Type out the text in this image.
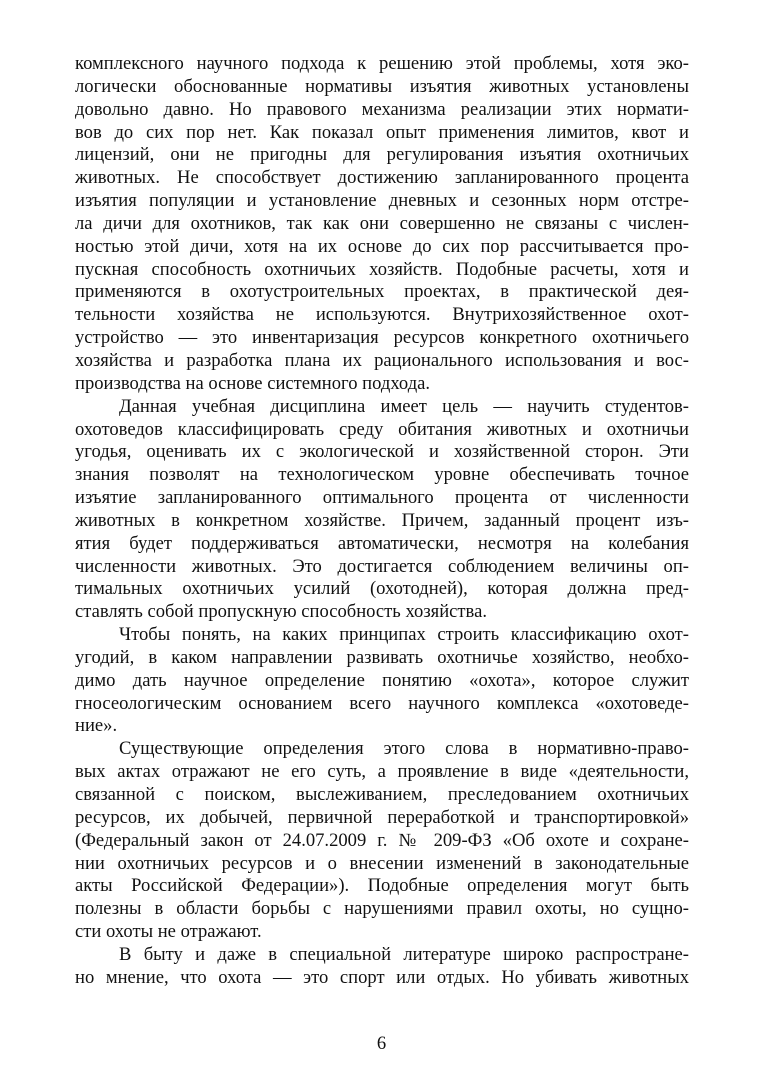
комплексного научного подхода к решению этой проблемы, хотя эко-
логически обоснованные нормативы изъятия животных установлены
довольно давно. Но правового механизма реализации этих нормати-
вов до сих пор нет. Как показал опыт применения лимитов, квот и
лицензий, они не пригодны для регулирования изъятия охотничьих
животных. Не способствует достижению запланированного процента
изъятия популяции и установление дневных и сезонных норм отстре-
ла дичи для охотников, так как они совершенно не связаны с числен-
ностью этой дичи, хотя на их основе до сих пор рассчитывается про-
пускная способность охотничьих хозяйств. Подобные расчеты, хотя и
применяются в охотустроительных проектах, в практической дея-
тельности хозяйства не используются. Внутрихозяйственное охот-
устройство — это инвентаризация ресурсов конкретного охотничьего
хозяйства и разработка плана их рационального использования и вос-
производства на основе системного подхода.
Данная учебная дисциплина имеет цель — научить студентов-
охотоведов классифицировать среду обитания животных и охотничьи
угодья, оценивать их с экологической и хозяйственной сторон. Эти
знания позволят на технологическом уровне обеспечивать точное
изъятие запланированного оптимального процента от численности
животных в конкретном хозяйстве. Причем, заданный процент изъ-
ятия будет поддерживаться автоматически, несмотря на колебания
численности животных. Это достигается соблюдением величины оп-
тимальных охотничьих усилий (охотодней), которая должна пред-
ставлять собой пропускную способность хозяйства.
Чтобы понять, на каких принципах строить классификацию охот-
угодий, в каком направлении развивать охотничье хозяйство, необхо-
димо дать научное определение понятию «охота», которое служит
гносеологическим основанием всего научного комплекса «охотоведе-
ние».
Существующие определения этого слова в нормативно-право-
вых актах отражают не его суть, а проявление в виде «деятельности,
связанной с поиском, выслеживанием, преследованием охотничьих
ресурсов, их добычей, первичной переработкой и транспортировкой»
(Федеральный закон от 24.07.2009 г. № 209-ФЗ «Об охоте и сохране-
нии охотничьих ресурсов и о внесении изменений в законодательные
акты Российской Федерации»). Подобные определения могут быть
полезны в области борьбы с нарушениями правил охоты, но сущно-
сти охоты не отражают.
В быту и даже в специальной литературе широко распространe-
но мнение, что охота — это спорт или отдых. Но убивать животных
6
